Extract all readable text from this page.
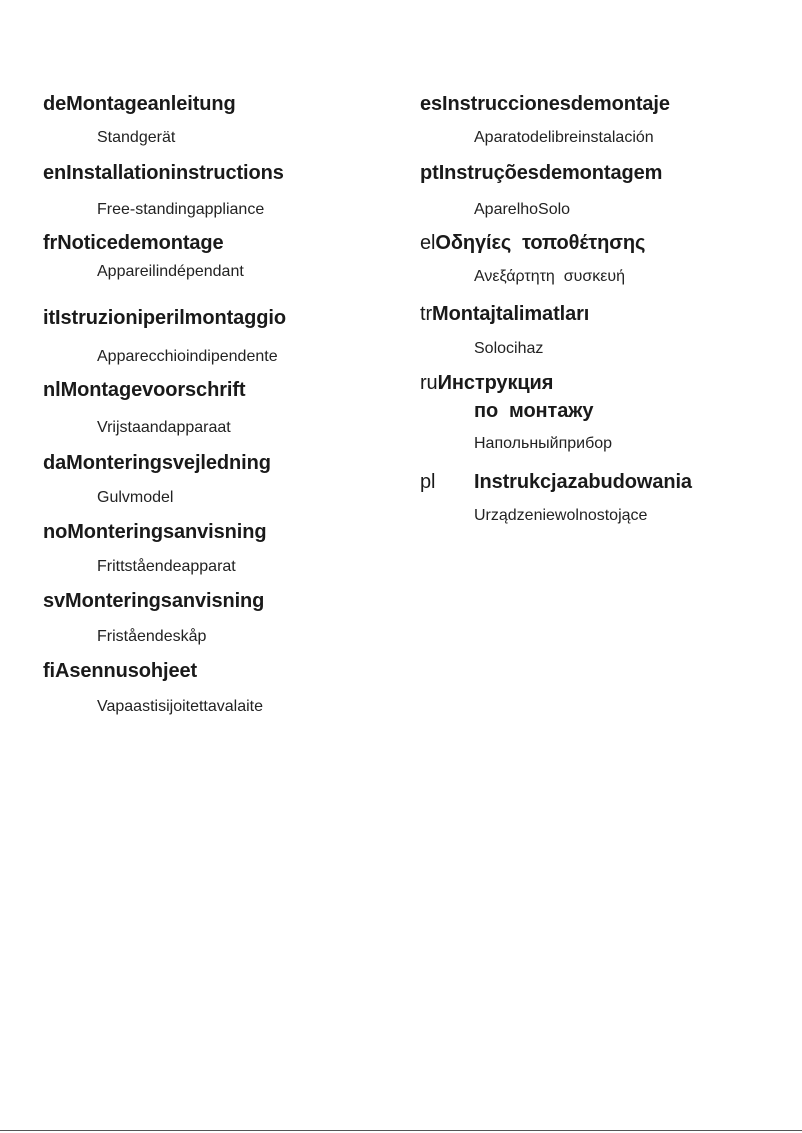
deMontageanleitung
Standgerät
enInstallationinstructions
Free-standingappliance
frNoticedemontage
Appareilindépendant
itIstruzioniperilmontaggio
Apparecchioindipendente
nlMontagevoorschrift
Vrijstaandapparaat
daMonteringsvejledning
Gulvmodel
noMonteringsanvisning
Frittståendeapparat
svMonteringsanvisning
Friståendeskåp
fiAsennusohjeet
Vapaastisijoitettavalaite
esInstruccionesdemontaje
Aparatodelibreinstalación
ptInstruçõesdemontagem
AparelhoSolo
elΟδηγίες  τοποθέτησης
Ανεξάρτητη  συσκευή
trMontajtalimatları
Solocihaz
ruИнструкция
по  монтажу
Напольныйприбор
pl Instrukcjazabudowania
Urządzeniewolnostojące
